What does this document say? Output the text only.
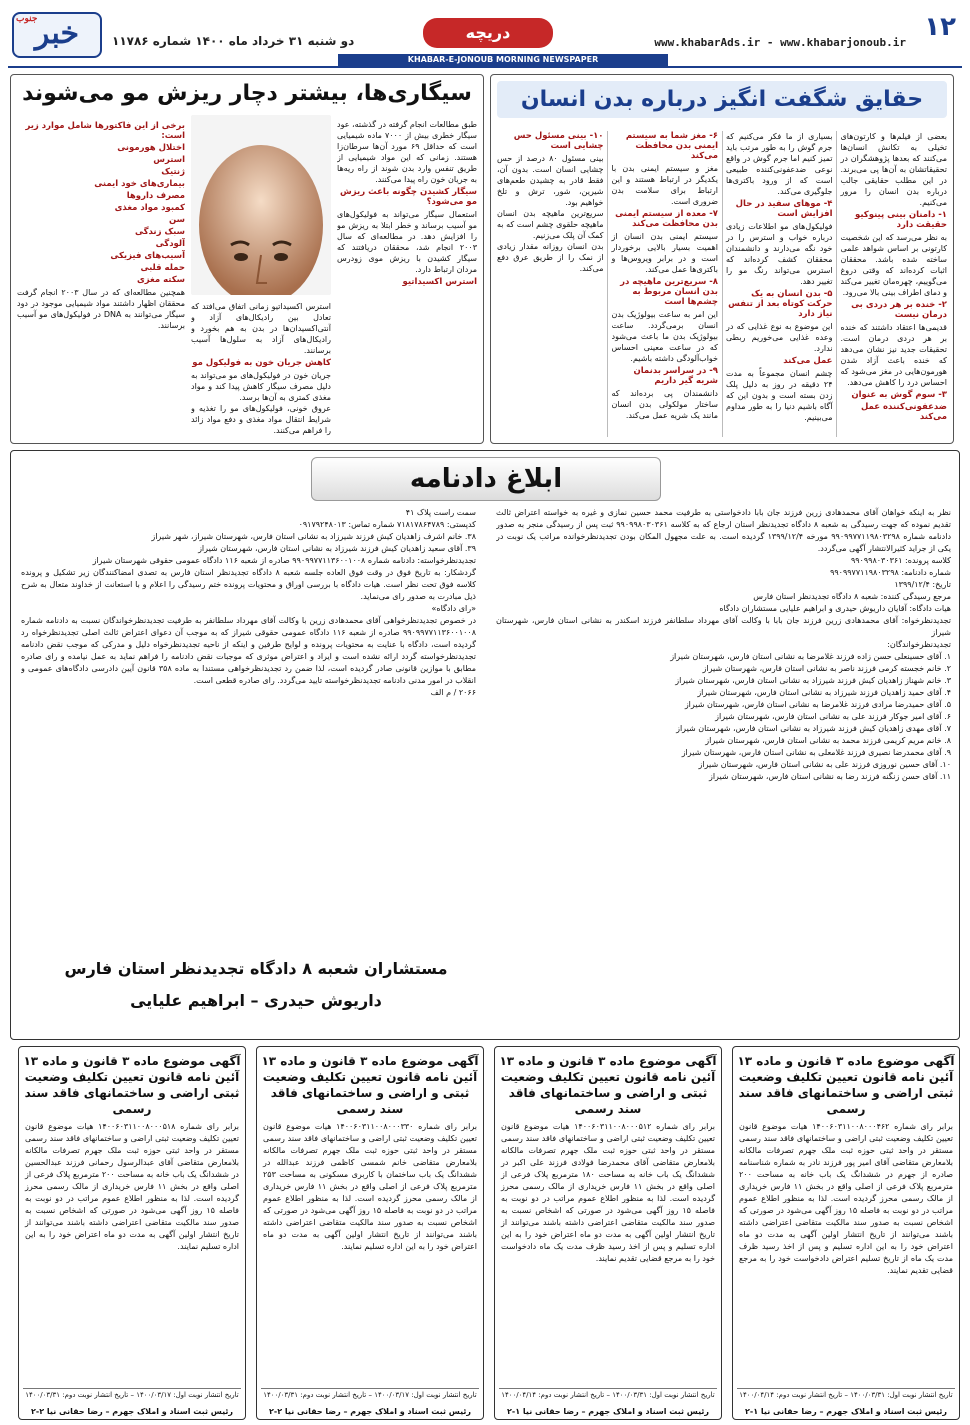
۱۲
www.khabarAds.ir - www.khabarjonoub.ir
دریچه
دو شنبه ۳۱ خرداد ماه ۱۴۰۰ شماره ۱۱۷۸۶
جنوب
خبر
KHABAR-E-JONOUB MORNING NEWSPAPER
حقایق شگفت انگیز درباره بدن انسان

بعضی از فیلم‌ها و کارتون‌های تخیلی به تکانش انسان‌ها می‌کنند که بعدها پژوهشگران در تحقیقاتشان به آن‌ها پی می‌برند. در این مطلب حقایقی جالب درباره بدن انسان را مرور می‌کنیم.

۱- دامنان بینی پینوکیو حقیقت دارد

به نظر می‌رسد که این شخصیت کارتونی بر اساس شواهد علمی ساخته شده باشد. محققان اثبات کرده‌اند که وقتی دروغ می‌گوییم، چهره‌مان تغییر می‌کند و دمای اطراف بینی بالا می‌رود.

۲- خنده بر هر دردی بی درمان نیست

قدیمی‌ها اعتقاد داشتند که خنده بر هر دردی درمان است. تحقیقات جدید نیز نشان می‌دهد که خنده باعث آزاد شدن هورمون‌هایی در مغز می‌شود که احساس درد را کاهش می‌دهد.

۳- سوم گوش به عنوان
ضدعفونی‌کننده عمل می‌کند

بسیاری از ما فکر می‌کنیم که جرم گوش را به طور مرتب باید تمیز کنیم اما جرم گوش در واقع نوعی ضدعفونی‌کننده طبیعی است که از ورود باکتری‌ها جلوگیری می‌کند.

۴- موهای سفید در حال افزایش است

فولیکول‌های مو اطلاعات زیادی درباره خواب و استرس را در خود نگه می‌دارند و دانشمندان محققان کشف کرده‌اند که استرس می‌تواند رنگ مو را تغییر دهد.

۵- بدن انسان به یک حرکت کوتاه بعد از تنفس نیاز دارد

این موضوع به نوع غذایی که در وعده غذایی می‌خوریم ربطی ندارد.

عمل می‌کند

چشم انسان مجموعاً به مدت ۲۴ دقیقه در روز به دلیل پلک زدن بسته است و بدون این که آگاه باشیم دنیا را به طور مداوم می‌بینیم.

۶- مغز شما به سیستم ایمنی بدن محافظت می‌کند

مغز و سیستم ایمنی بدن با یکدیگر در ارتباط هستند و این ارتباط برای سلامت بدن ضروری است.

۷- معده از سیستم ایمنی بدن محافظت می‌کند

سیستم ایمنی بدن انسان از اهمیت بسیار بالایی برخوردار است و در برابر ویروس‌ها و باکتری‌ها عمل می‌کند.

۸- سریع‌ترین ماهیچه در بدن انسان مربوط به چشم‌ها است

این امر به ساعت بیولوژیک بدن انسان برمی‌گردد. ساعت بیولوژیک بدن ما باعث می‌شود که در ساعت معینی احساس خواب‌آلودگی داشته باشیم.

۹- در سراسر بدنمان شریه گیر داریم

دانشمندان پی برده‌اند که ساختار مولکولی بدن انسان مانند یک شریه عمل می‌کند.

۱۰- بینی مسئول حس چشایی است

بینی مسئول ۸۰ درصد از حس چشایی انسان است. بدون آن، فقط قادر به چشیدن طعم‌های شیرین، شور، ترش و تلخ خواهیم بود.

سریع‌ترین ماهیچه بدن انسان ماهیچه حلقوی چشم است که به کمک آن پلک می‌زنیم.

بدن انسان روزانه مقدار زیادی از نمک را از طریق عرق دفع می‌کند.

سیگاری‌ها، بیشتر دچار ریزش مو می‌شوند

طبق مطالعات انجام گرفته در گذشته، عود سیگار خطری بیش از ۷۰۰۰ ماده شیمیایی است که حداقل ۶۹ مورد آن‌ها سرطان‌زا هستند. زمانی که این مواد شیمیایی از طریق تنفس وارد بدن شوند از راه ریه‌ها به جریان خون راه پیدا می‌کنند.

سیگار کشیدن چگونه باعث ریزش مو می‌شود؟

استعمال سیگار می‌تواند به فولیکول‌های مو آسیب برساند و خطر ابتلا به ریزش مو را افزایش دهد. در مطالعه‌ای که سال ۲۰۰۳ انجام شد، محققان دریافتند که سیگار کشیدن با ریزش موی زودرس مردان ارتباط دارد.

استرس اکسیداتیو

استرس اکسیداتیو زمانی اتفاق می‌افتد که تعادل بین رادیکال‌های آزاد و آنتی‌اکسیدان‌ها در بدن به هم بخورد و رادیکال‌های آزاد به سلول‌ها آسیب برسانند.

کاهش جریان خون به فولیکول مو

جریان خون در فولیکول‌های مو می‌تواند به دلیل مصرف سیگار کاهش پیدا کند و مواد مغذی کمتری به آن‌ها برسد.

عروق خونی، فولیکول‌های مو را تغذیه و شرایط انتقال مواد مغذی و دفع مواد زائد را فراهم می‌کنند.

برخی از این فاکتورها شامل موارد زیر است:
اختلال هورمونی
استرس
ژنتیک
بیماری‌های خود ایمنی
مصرف داروها
کمبود مواد مغذی
سن
سبک زندگی
آلودگی
آسیب‌های فیزیکی
حمله قلبی
سکته مغزی

همچنین مطالعه‌ای که در سال ۲۰۰۳ انجام گرفت محققان اظهار داشتند مواد شیمیایی موجود در دود سیگار می‌توانند به DNA در فولیکول‌های مو آسیب برسانند.

ابلاغ دادنامه
نظر به اینکه خواهان آقای محمدهادی زرین فرزند جان بابا دادخواستی به طرفیت محمد حسین نمازی و غیره به خواسته اعتراض ثالث تقدیم نموده که جهت رسیدگی به شعبه ۸ دادگاه تجدیدنظر استان ارجاع که به کلاسه ۹۹۰۹۹۸۰۳۰۳۶۱ ثبت پس از رسیدگی منجر به صدور دادنامه شماره ۹۹۰۹۹۷۷۱۱۹۸۰۳۲۹۸ مورخه ۱۳۹۹/۱۲/۴ گردیده است. به علت مجهول المکان بودن تجدیدنظرخوانده مراتب یک نوبت در یکی از جراید کثیرالانتشار آگهی می‌گردد.
کلاسه پرونده: ۹۹۰۹۹۸۰۳۰۳۶۱
شماره دادنامه: ۹۹۰۹۹۷۷۱۱۹۸۰۳۲۹۸
تاریخ: ۱۳۹۹/۱۲/۴
مرجع رسیدگی کننده: شعبه ۸ دادگاه تجدیدنظر استان فارس
هیات دادگاه: آقایان داریوش حیدری و ابراهیم علیایی مستشاران دادگاه
تجدیدنظرخواه: آقای محمدهادی زرین فرزند جان بابا با وکالت آقای مهرداد سلطانفر فرزند اسکندر به نشانی استان فارس، شهرستان شیراز
تجدیدنظرخواندگان:
۱. آقای حسینعلی حسن زاده فرزند غلامرضا به نشانی استان فارس، شهرستان شیراز
۲. خانم خجسته کرمی فرزند ناصر به نشانی استان فارس، شهرستان شیراز
۳. خانم شهناز زاهدیان کیش فرزند شیرزاد به نشانی استان فارس، شهرستان شیراز
۴. آقای حمید زاهدیان فرزند شیرزاد به نشانی استان فارس، شهرستان شیراز
۵. آقای حمیدرضا مرادی فرزند غلامرضا به نشانی استان فارس، شهرستان شیراز
۶. آقای امیر جوکار فرزند علی به نشانی استان فارس، شهرستان شیراز
۷. آقای مهدی زاهدیان کیش فرزند شیرزاد به نشانی استان فارس، شهرستان شیراز
۸. خانم مریم کریمی فرزند محمد به نشانی استان فارس، شهرستان شیراز
۹. آقای محمدرضا نصیری فرزند غلامعلی به نشانی استان فارس، شهرستان شیراز
۱۰. آقای حسین نوروزی فرزند علی به نشانی استان فارس، شهرستان شیراز
۱۱. آقای حسن زنگنه فرزند رضا به نشانی استان فارس، شهرستان شیراز
سمت راست پلاک ۴۱
کدپستی: ۷۱۸۱۷۸۶۴۷۸۹ شماره تماس: ۰۹۱۷۹۲۴۸۰۱۳
۳۸. خانم اشرف زاهدیان کیش فرزند شیرزاد به نشانی استان فارس، شهرستان شیراز، شهر شیراز
۳۹. آقای سعید زاهدیان کیش فرزند شیرزاد به نشانی استان فارس، شهرستان شیراز
تجدیدنظرخواسته: دادنامه شماره ۹۹۰۹۹۷۷۱۱۳۶۰۰۱۰۰۸ صادره از شعبه ۱۱۶ دادگاه عمومی حقوقی شهرستان شیراز
گردشکار: به تاریخ فوق در وقت فوق العاده جلسه شعبه ۸ دادگاه تجدیدنظر استان فارس به تصدی امضاکنندگان زیر تشکیل و پرونده کلاسه فوق تحت نظر است. هیات دادگاه با بررسی اوراق و محتویات پرونده ختم رسیدگی را اعلام و با استعانت از خداوند متعال به شرح ذیل مبادرت به صدور رای می‌نماید.
«رای دادگاه»
در خصوص تجدیدنظرخواهی آقای محمدهادی زرین با وکالت آقای مهرداد سلطانفر به طرفیت تجدیدنظرخواندگان نسبت به دادنامه شماره ۹۹۰۹۹۷۷۱۱۳۶۰۰۱۰۰۸ صادره از شعبه ۱۱۶ دادگاه عمومی حقوقی شیراز که به موجب آن دعوای اعتراض ثالث اصلی تجدیدنظرخواه رد گردیده است، دادگاه با عنایت به محتویات پرونده و لوایح طرفین و اینکه از ناحیه تجدیدنظرخواه دلیل و مدرکی که موجب نقض دادنامه تجدیدنظرخواسته گردد ارائه نشده است و ایراد و اعتراض موثری که موجبات نقض دادنامه را فراهم نماید به عمل نیامده و رای صادره مطابق با موازین قانونی صادر گردیده است، لذا ضمن رد تجدیدنظرخواهی مستندا به ماده ۳۵۸ قانون آیین دادرسی دادگاه‌های عمومی و انقلاب در امور مدنی دادنامه تجدیدنظرخواسته تایید می‌گردد. رای صادره قطعی است.
۲۰۶۶ / م الف
مستشاران شعبه ۸ دادگاه تجدیدنظر استان فارس
داریوش حیدری – ابراهیم علیایی
آگهی موضوع ماده ۳ قانون و ماده ۱۳ آئین نامه قانون تعیین تکلیف وضعیت ثبتی اراضی و ساختمانهای فاقد سند رسمی
برابر رای شماره ۱۴۰۰۶۰۳۱۱۰۰۸۰۰۰۴۶۲ هیات موضوع قانون تعیین تکلیف وضعیت ثبتی اراضی و ساختمانهای فاقد سند رسمی مستقر در واحد ثبتی حوزه ثبت ملک جهرم تصرفات مالکانه بلامعارض متقاضی آقای امیر پور فرزند نادر به شماره شناسنامه صادره از جهرم در ششدانگ یک باب خانه به مساحت ۲۰۰ مترمربع پلاک فرعی از اصلی واقع در بخش ۱۱ فارس خریداری از مالک رسمی محرز گردیده است. لذا به منظور اطلاع عموم مراتب در دو نوبت به فاصله ۱۵ روز آگهی می‌شود در صورتی که اشخاص نسبت به صدور سند مالکیت متقاضی اعتراضی داشته باشند می‌توانند از تاریخ انتشار اولین آگهی به مدت دو ماه اعتراض خود را به این اداره تسلیم و پس از اخذ رسید ظرف مدت یک ماه از تاریخ تسلیم اعتراض دادخواست خود را به مرجع قضایی تقدیم نمایند.
تاریخ انتشار نوبت اول: ۱۴۰۰/۰۳/۳۱ – تاریخ انتشار نوبت دوم: ۱۴۰۰/۰۴/۱۴
رئیس ثبت اسناد و املاک جهرم – رضا حقانی نیا ۱-۲
آگهی موضوع ماده ۳ قانون و ماده ۱۳ آئین نامه قانون تعیین تکلیف وضعیت ثبتی و اراضی و ساختمانهای فاقد سند رسمی
برابر رای شماره ۱۴۰۰۶۰۳۱۱۰۰۸۰۰۰۵۱۲ هیات موضوع قانون تعیین تکلیف وضعیت ثبتی اراضی و ساختمانهای فاقد سند رسمی مستقر در واحد ثبتی حوزه ثبت ملک جهرم تصرفات مالکانه بلامعارض متقاضی آقای محمدرضا فولادی فرزند علی اکبر در ششدانگ یک باب خانه به مساحت ۱۸۰ مترمربع پلاک فرعی از اصلی واقع در بخش ۱۱ فارس خریداری از مالک رسمی محرز گردیده است. لذا به منظور اطلاع عموم مراتب در دو نوبت به فاصله ۱۵ روز آگهی می‌شود در صورتی که اشخاص نسبت به صدور سند مالکیت متقاضی اعتراضی داشته باشند می‌توانند از تاریخ انتشار اولین آگهی به مدت دو ماه اعتراض خود را به این اداره تسلیم و پس از اخذ رسید ظرف مدت یک ماه دادخواست خود را به مرجع قضایی تقدیم نمایند.
تاریخ انتشار نوبت اول: ۱۴۰۰/۰۳/۳۱ – تاریخ انتشار نوبت دوم: ۱۴۰۰/۰۴/۱۴
رئیس ثبت اسناد و املاک جهرم – رضا حقانی نیا ۱-۲
آگهی موضوع ماده ۳ قانون و ماده ۱۳ آئین نامه قانون تعیین تکلیف وضعیت ثبتی و اراضی و ساختمانهای فاقد سند رسمی
برابر رای شماره ۱۴۰۰۶۰۳۱۱۰۰۸۰۰۰۳۳۰ هیات موضوع قانون تعیین تکلیف وضعیت ثبتی اراضی و ساختمانهای فاقد سند رسمی مستقر در واحد ثبتی حوزه ثبت ملک جهرم تصرفات مالکانه بلامعارض متقاضی خانم شمسی کاظمی فرزند عبدالله در ششدانگ یک باب ساختمان با کاربری مسکونی به مساحت ۲۵۳ مترمربع پلاک فرعی از اصلی واقع در بخش ۱۱ فارس خریداری از مالک رسمی محرز گردیده است. لذا به منظور اطلاع عموم مراتب در دو نوبت به فاصله ۱۵ روز آگهی می‌شود در صورتی که اشخاص نسبت به صدور سند مالکیت متقاضی اعتراضی داشته باشند می‌توانند از تاریخ انتشار اولین آگهی به مدت دو ماه اعتراض خود را به این اداره تسلیم نمایند.
تاریخ انتشار نوبت اول: ۱۴۰۰/۰۳/۱۷ – تاریخ انتشار نوبت دوم: ۱۴۰۰/۰۳/۳۱
رئیس ثبت اسناد و املاک جهرم – رضا حقانی نیا ۲-۲
آگهی موضوع ماده ۳ قانون و ماده ۱۳ آئین نامه قانون تعیین تکلیف وضعیت ثبتی اراضی و ساختمانهای فاقد سند رسمی
برابر رای شماره ۱۴۰۰۶۰۳۱۱۰۰۸۰۰۰۵۱۸ هیات موضوع قانون تعیین تکلیف وضعیت ثبتی اراضی و ساختمانهای فاقد سند رسمی مستقر در واحد ثبتی حوزه ثبت ملک جهرم تصرفات مالکانه بلامعارض متقاضی آقای عبدالرسول رحمانی فرزند عبدالحسین در ششدانگ یک باب خانه به مساحت ۲۰۰ مترمربع پلاک فرعی از اصلی واقع در بخش ۱۱ فارس خریداری از مالک رسمی محرز گردیده است. لذا به منظور اطلاع عموم مراتب در دو نوبت به فاصله ۱۵ روز آگهی می‌شود در صورتی که اشخاص نسبت به صدور سند مالکیت متقاضی اعتراضی داشته باشند می‌توانند از تاریخ انتشار اولین آگهی به مدت دو ماه اعتراض خود را به این اداره تسلیم نمایند.
تاریخ انتشار نوبت اول: ۱۴۰۰/۰۳/۱۷ – تاریخ انتشار نوبت دوم: ۱۴۰۰/۰۳/۳۱
رئیس ثبت اسناد و املاک جهرم – رضا حقانی نیا ۲-۲
